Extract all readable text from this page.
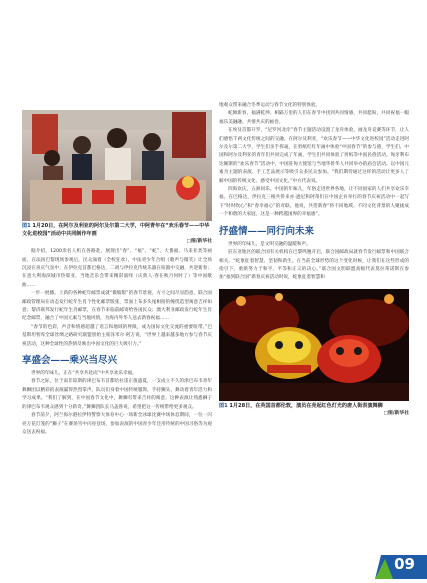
图1 1月20日，在阿尔及利亚的阿尔及尔第二大学，中阿青年在“欢乐春节——中华文化进校园”活动中共同制作年画

□图/新华社

据介绍，1200余名人机在各路赴，展现出“春”、“福”、“蛇”、大番福、马来亚类等画面，在法国巴黎现场参观后，民众涌着（全校狂欢），中法青少年合唱《歌声与微笑》让全场沉浸在喜庆气氛中；在伊拉克首都巴格达，二胡与伊拉克传统乐器在喧嚣中交融，共迎新春；在意大利海滨城市热那亚，当地音乐会带来精彩演绎（庆典人·春在秋月何时了）等中国歌曲……

一步一展播。上新的各种蛇年邮票成就“微缩版”的春节景观，方寸之间尽显韵意，联合国邮政管理局在动态发行蛇年生肖个性化邮票版张，票面上布多头尾相接的缠绕造型寓意吉祥如意；黎济联邦发行蛇年生肖邮票，在春节来临前邮寄给各国民众；澳大利亚邮政发行蛇年生肖纪念邮票，融合了中国元素与当地风情，为海内外华人送去新春祝福……

“春节的色彩，声音和情感超越了语言和地域的界限，成为国际文化交流的重要纽带。”巴基斯坦智库全球丝绸之路研究联盟创始主席泽米尔·阿万说，“世界上越来越多地方参与春节庆祝活动，这种全球性的热情反映出中国文化的巨大吸引力。”

享盛会——乘兴当尽兴

世界的年味儿，正在“共享共赴而”中共享欢乐幸福。

春节之际，位于南非琼斯的津巴布韦首都哈拉雷正值盛夏，一支成立不久的津巴布韦青年舞狮团以精彩的表演赢得热烈掌声。队员们身着中国传统服饰，手持狮头，舞动着青年活力和学习成果。“我们了解到，在中国春节文化中，舞狮有带来吉祥的寓意。这种表演让熟悉狮子的津巴布韦观众感到十分新奇。”舞狮团队长马盖鲁说，希望把这一传统带给更多观众。

春节前夕，阿兰海尔港拉伊特警察大体育中心一场新全冰球比赛中场休息期间，一位一闪亮万花灯笼的“狮子”在赛场雪中闪亮登场，参加表演的中国青少年还用传统的中国习俗等为观众送去祝福。

地观众带来融合冬季运动与春节文化的特别体验。

蛇舞新春，福满乾坤。相隔万里的人们在春节中找到共同情感，共同愿盼，共同祝福一幅福乐美融融、共情共庆的画卷。

在埃及首都开罗，“尼罗河北岸”春节主题活动设置了龙舟体验，画龙舟竞赛等环节，让人们感悟千两文化传统之间的交融，在阿尔及利亚，“欢乐春节——中华文化进校园”活动走进阿尔及尔第二大学，学生们亲手挥毫，在剪纸红红年画中体验“中国春节”的参与感，学生们、中国和阿尔及利亚的青年们共同完成了年画，学生们共同体验了剪纸等中国民俗活动。匈牙利布达佩斯的“欢乐春节”活动中，中国驻匈大使馆与当地华侨华人共同举办的庙会活动。以中国元素为主题的表演、手工艺品展示等吸引众多民众参加。“我们期待通过这样的活动让更多人了解中国的传统文化，感受中国文化。”中方代表说。

四海欢庆，五洲同乐。中国的年味儿，年俗走进世界各地，让不同国家的人们共享欢乐幸福。在巴格达，伊拉克三根共侨来亦·逊尼和阿蒂们在中国企业举行的春节庆祝活动中一起写下“时时吹心”和“春幸福心”的对联。他说，共贺新春“将不同地域、不同文化背景的人聚拢成一个和谐的大家庭，这是一种跨越国界的幸福感”。

抒盛情——同行向未来

世界的年味儿，是文明交融的温暖和声。

驻东亚地区的联合国有关机构在巴黎鸣翘开启，联合国邮政局就春节发行邮票和中国联合相关、“蛇象征着智慧、坚韧和新生。在当前全球形势的这个变化时候，让我们在这些形成的指引下，重新努力于和平、平等和正义的决心。”联合国文明联盟高级代表莫拉蒂诺斯在参加“福到联合国”新春庆祝活动时说，蛇象征着智慧和

图1 1月28日，在英国首都伦敦，演员在亮起红色灯光的唐人街表演舞狮

□图/新华社

09
